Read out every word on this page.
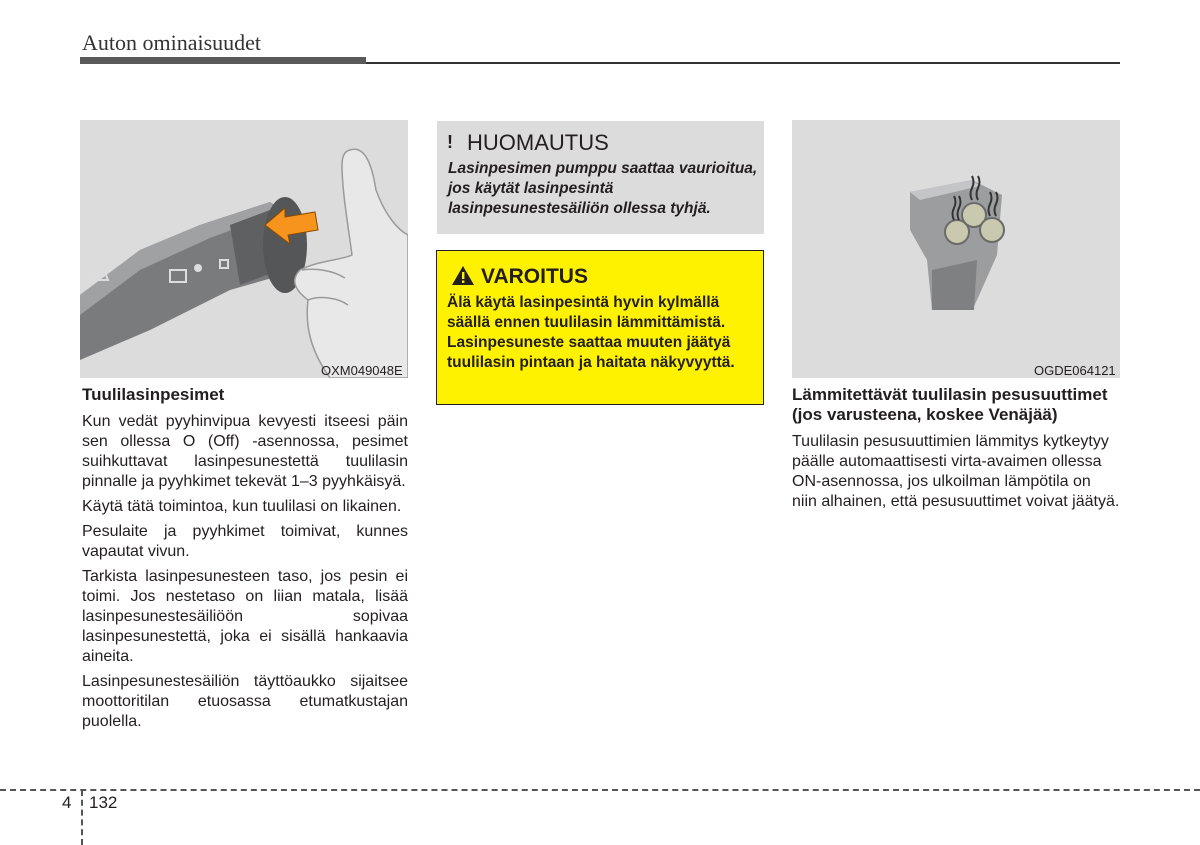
Auton ominaisuudet
OXM049048E
Tuulilasinpesimet

Kun vedät pyyhinvipua kevyesti itseesi päin sen ollessa O (Off) -asennossa, pesimet suihkuttavat lasinpesunestettä tuulilasin pinnalle ja pyyhkimet tekevät 1–3 pyyhkäisyä.

Käytä tätä toimintoa, kun tuulilasi on likainen.

Pesulaite ja pyyhkimet toimivat, kunnes vapautat vivun.

Tarkista lasinpesunesteen taso, jos pesin ei toimi. Jos nestetaso on liian matala, lisää lasinpesunestesäiliöön sopivaa lasinpesunestettä, joka ei sisällä hankaavia aineita.

Lasinpesunestesäiliön täyttöaukko sijaitsee moottoritilan etuosassa etumatkustajan puolella.

! HUOMAUTUS
Lasinpesimen pumppu saattaa vaurioitua, jos käytät lasinpesintä lasinpesunestesäiliön ollessa tyhjä.
VAROITUS
Älä käytä lasinpesintä hyvin kylmällä säällä ennen tuulilasin lämmittämistä. Lasinpesuneste saattaa muuten jäätyä tuulilasin pintaan ja haitata näkyvyyttä.	OGDE064121
Lämmitettävät tuulilasin pesusuuttimet (jos varusteena, koskee Venäjää)

Tuulilasin pesusuuttimien lämmitys kytkeytyy päälle automaattisesti virta-avaimen ollessa ON-asennossa, jos ulkoilman lämpötila on niin alhainen, että pesusuuttimet voivat jäätyä.

4 132
